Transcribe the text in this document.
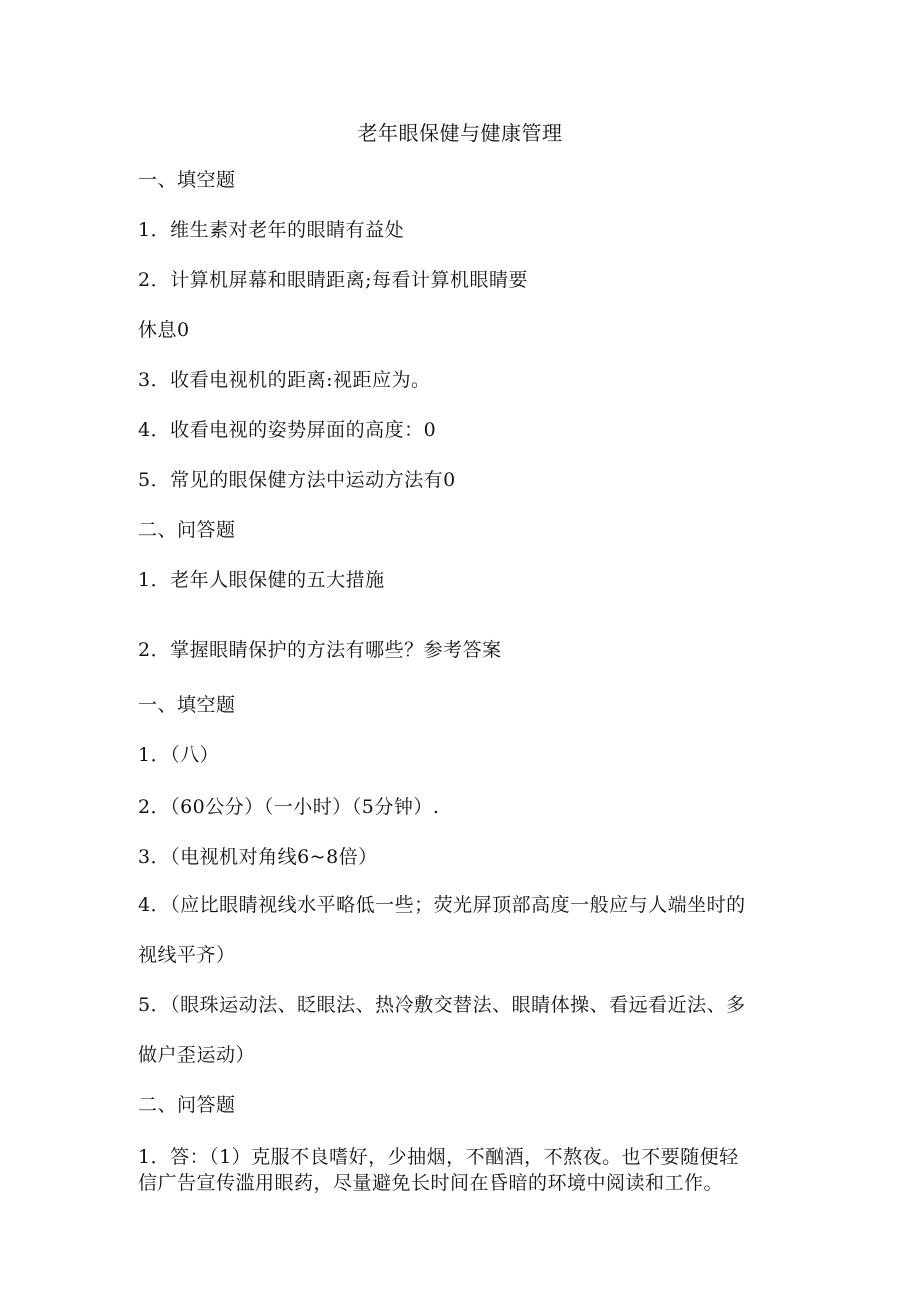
老年眼保健与健康管理
一、填空题
1．维生素对老年的眼睛有益处
2．计算机屏幕和眼睛距离;每看计算机眼睛要
休息0
3．收看电视机的距离:视距应为。
4．收看电视的姿势屏面的高度：0
5．常见的眼保健方法中运动方法有0
二、问答题
1．老年人眼保健的五大措施
2．掌握眼睛保护的方法有哪些？参考答案
一、填空题
1．（八）
2．（60公分）（一小时）（5分钟）.
3．（电视机对角线6~8倍）
4．（应比眼睛视线水平略低一些；荧光屏顶部高度一般应与人端坐时的
视线平齐）
5．（眼珠运动法、眨眼法、热冷敷交替法、眼睛体操、看远看近法、多
做户歪运动）
二、问答题
1．答：（1）克服不良嗜好，少抽烟，不酗酒，不熬夜。也不要随便轻
信广告宣传滥用眼药，尽量避免长时间在昏暗的环境中阅读和工作。
